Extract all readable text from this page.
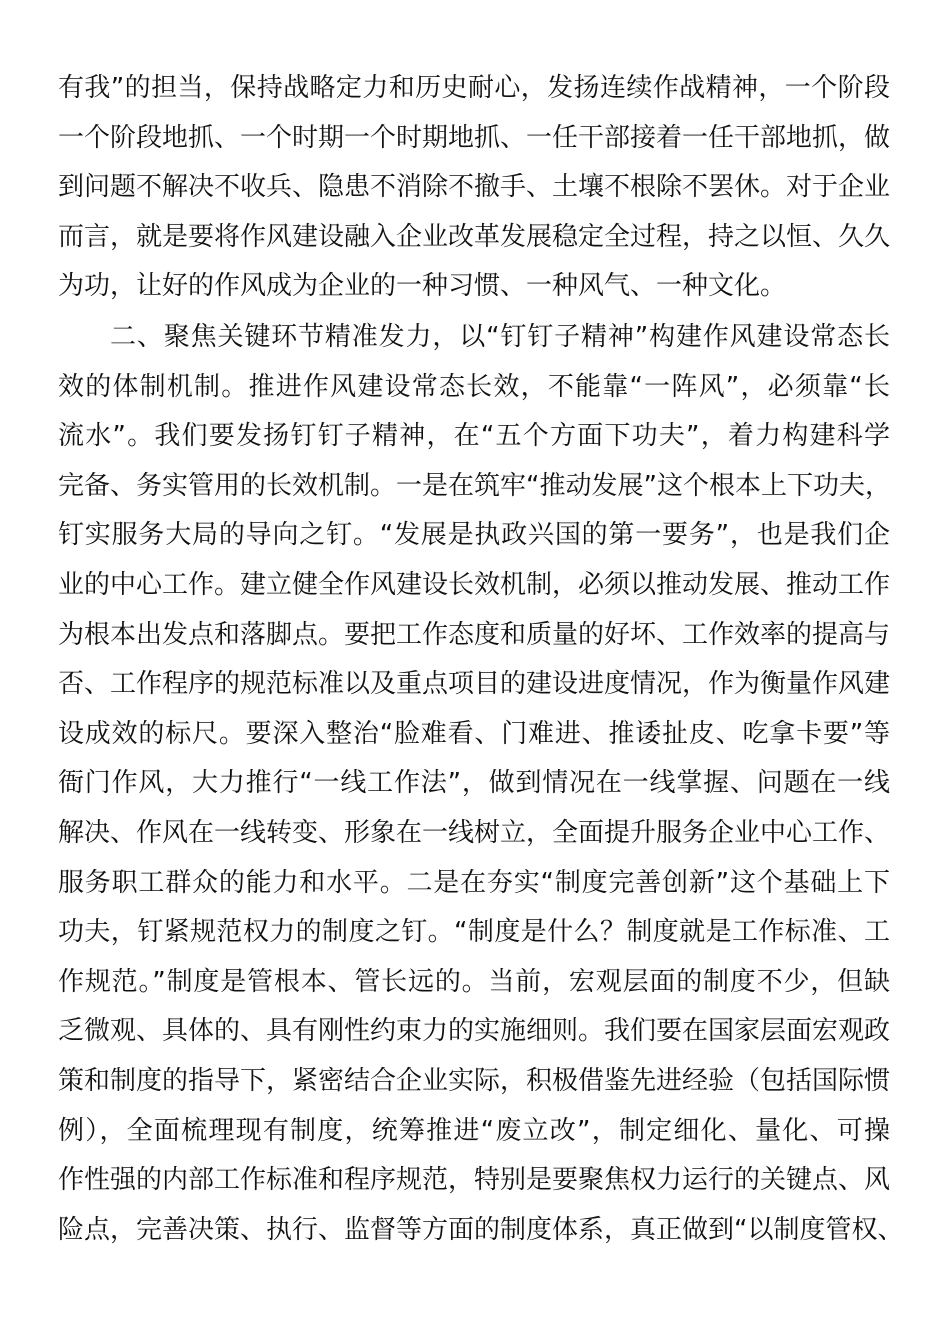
有我”的担当，保持战略定力和历史耐心，发扬连续作战精神，一个阶段
一个阶段地抓、一个时期一个时期地抓、一任干部接着一任干部地抓，做
到问题不解决不收兵、隐患不消除不撤手、土壤不根除不罢休。对于企业
而言，就是要将作风建设融入企业改革发展稳定全过程，持之以恒、久久
为功，让好的作风成为企业的一种习惯、一种风气、一种文化。
二、聚焦关键环节精准发力，以“钉钉子精神”构建作风建设常态长
效的体制机制。推进作风建设常态长效，不能靠“一阵风”，必须靠“长
流水”。我们要发扬钉钉子精神，在“五个方面下功夫”，着力构建科学
完备、务实管用的长效机制。一是在筑牢“推动发展”这个根本上下功夫，
钉实服务大局的导向之钉。“发展是执政兴国的第一要务”，也是我们企
业的中心工作。建立健全作风建设长效机制，必须以推动发展、推动工作
为根本出发点和落脚点。要把工作态度和质量的好坏、工作效率的提高与
否、工作程序的规范标准以及重点项目的建设进度情况，作为衡量作风建
设成效的标尺。要深入整治“脸难看、门难进、推诿扯皮、吃拿卡要”等
衙门作风，大力推行“一线工作法”，做到情况在一线掌握、问题在一线
解决、作风在一线转变、形象在一线树立，全面提升服务企业中心工作、
服务职工群众的能力和水平。二是在夯实“制度完善创新”这个基础上下
功夫，钉紧规范权力的制度之钉。“制度是什么？制度就是工作标准、工
作规范。”制度是管根本、管长远的。当前，宏观层面的制度不少，但缺
乏微观、具体的、具有刚性约束力的实施细则。我们要在国家层面宏观政
策和制度的指导下，紧密结合企业实际，积极借鉴先进经验（包括国际惯
例），全面梳理现有制度，统筹推进“废立改”，制定细化、量化、可操
作性强的内部工作标准和程序规范，特别是要聚焦权力运行的关键点、风
险点，完善决策、执行、监督等方面的制度体系，真正做到“以制度管权、
